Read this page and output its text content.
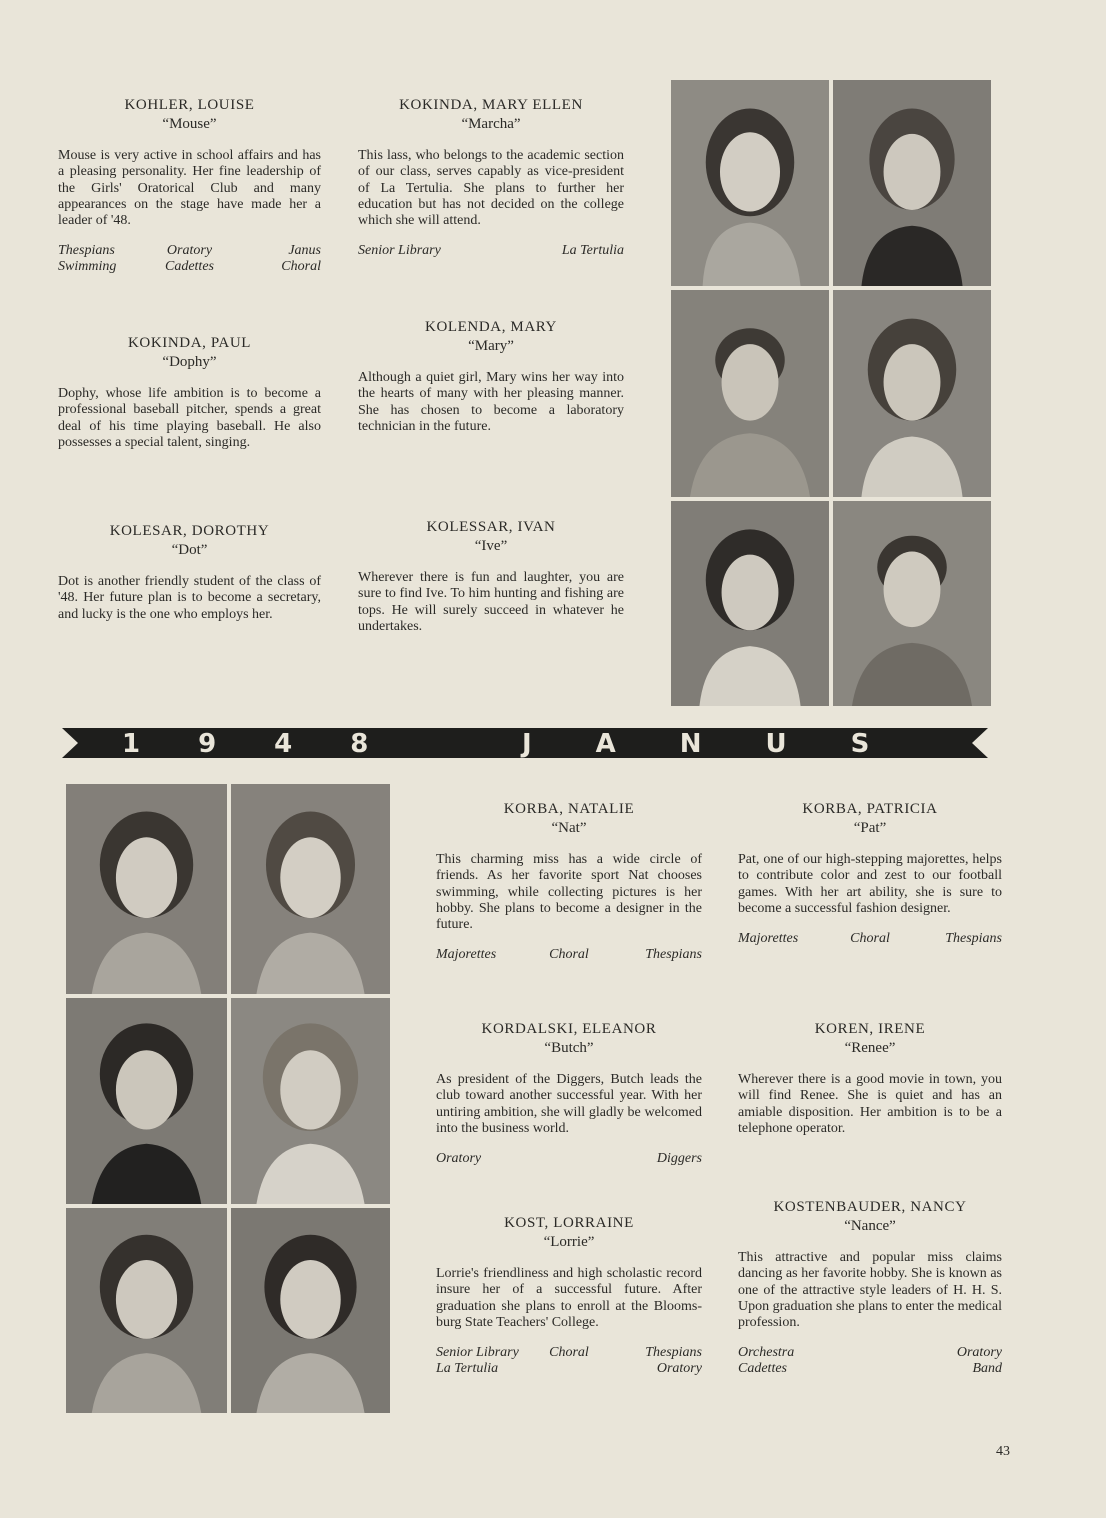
KOHLER, LOUISE

“Mouse”

Mouse is very active in school affairs and has a pleasing personality. Her fine leadership of the Girls' Oratorical Club and many appearances on the stage have made her a leader of '48.

Thespians	Oratory	Janus
Swimming	Cadettes	Choral

KOKINDA, PAUL

“Dophy”

Dophy, whose life ambition is to become a professional baseball pitcher, spends a great deal of his time playing baseball. He also possesses a special talent, singing.

KOLESAR, DOROTHY

“Dot”

Dot is another friendly student of the class of '48. Her future plan is to become a secretary, and lucky is the one who employs her.

KOKINDA, MARY ELLEN

“Marcha”

This lass, who belongs to the academic section of our class, serves capably as vice-president of La Tertulia. She plans to further her education but has not decided on the college which she will attend.

Senior Library	La Tertulia

KOLENDA, MARY

“Mary”

Although a quiet girl, Mary wins her way into the hearts of many with her pleasing manner. She has chosen to become a laboratory technician in the future.

KOLESSAR, IVAN

“Ive”

Wherever there is fun and laughter, you are sure to find Ive. To him hunting and fishing are tops. He will surely succeed in whatever he undertakes.

1948	JANUS

KORBA, NATALIE

“Nat”

This charming miss has a wide circle of friends. As her favorite sport Nat chooses swimming, while collecting pictures is her hobby. She plans to become a designer in the future.

Majorettes	Choral	Thespians

KORDALSKI, ELEANOR

“Butch”

As president of the Diggers, Butch leads the club toward another successful year. With her untiring ambition, she will gladly be welcomed into the business world.

Oratory	Diggers

KOST, LORRAINE

“Lorrie”

Lorrie's friendliness and high scholastic record insure her of a successful future. After graduation she plans to enroll at the Bloomsburg State Teachers' College.

Senior Library	Choral	Thespians
La Tertulia	Oratory

KORBA, PATRICIA

“Pat”

Pat, one of our high-stepping majorettes, helps to contribute color and zest to our football games. With her art ability, she is sure to become a successful fashion designer.

Majorettes	Choral	Thespians

KOREN, IRENE

“Renee”

Wherever there is a good movie in town, you will find Renee. She is quiet and has an amiable disposition. Her ambition is to be a telephone operator.

KOSTENBAUDER, NANCY

“Nance”

This attractive and popular miss claims dancing as her favorite hobby. She is known as one of the attractive style leaders of H. H. S. Upon graduation she plans to enter the medical profession.

Orchestra	Oratory
Cadettes	Band
43
